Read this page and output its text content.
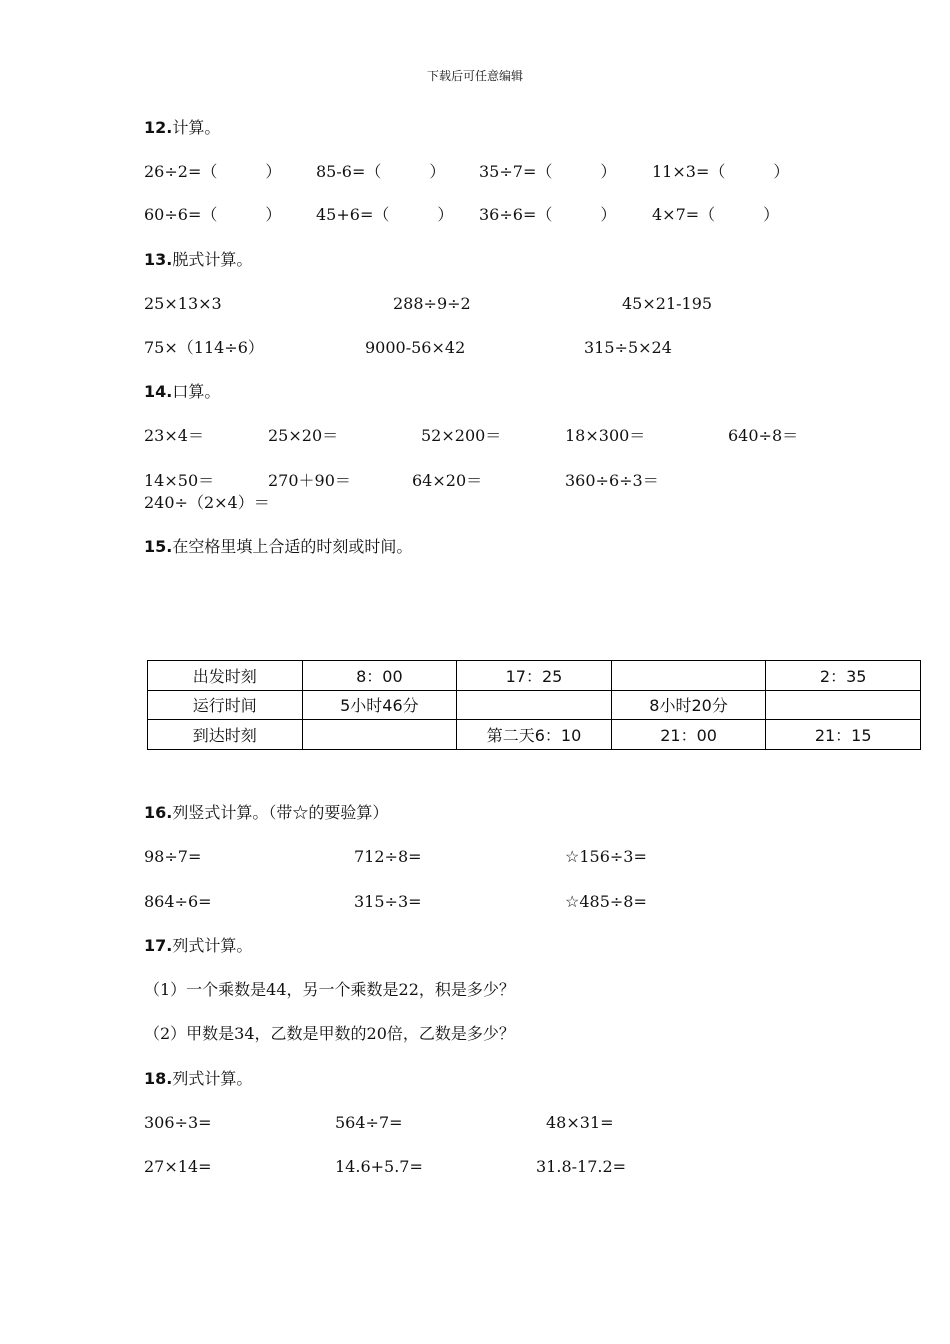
下载后可任意编辑
12.计算。
26÷2=（　　　） 85-6=（　　　） 35÷7=（　　　） 11×3=（　　　）
60÷6=（　　　） 45+6=（　　　） 36÷6=（　　　） 4×7=（　　　）
13.脱式计算。
25×13×3	288÷9÷2	45×21-195
75×（114÷6）	9000-56×42	315÷5×24
14.口算。
23×4＝	25×20＝	52×200＝	18×300＝	640÷8＝
14×50＝	270＋90＝	64×20＝	360÷6÷3＝
240÷（2×4）＝
15.在空格里填上合适的时刻或时间。
出发时刻	8：00	17：25		2：35
运行时间	5小时46分		8小时20分	
到达时刻		第二天6：10	21：00	21：15
16.列竖式计算。（带☆的要验算）
98÷7=	712÷8=	☆156÷3=
864÷6=	315÷3=	☆485÷8=
17.列式计算。
（1）一个乘数是44，另一个乘数是22，积是多少？
（2）甲数是34，乙数是甲数的20倍，乙数是多少？
18.列式计算。
306÷3=	564÷7=	48×31=
27×14=	14.6+5.7=	31.8-17.2=
